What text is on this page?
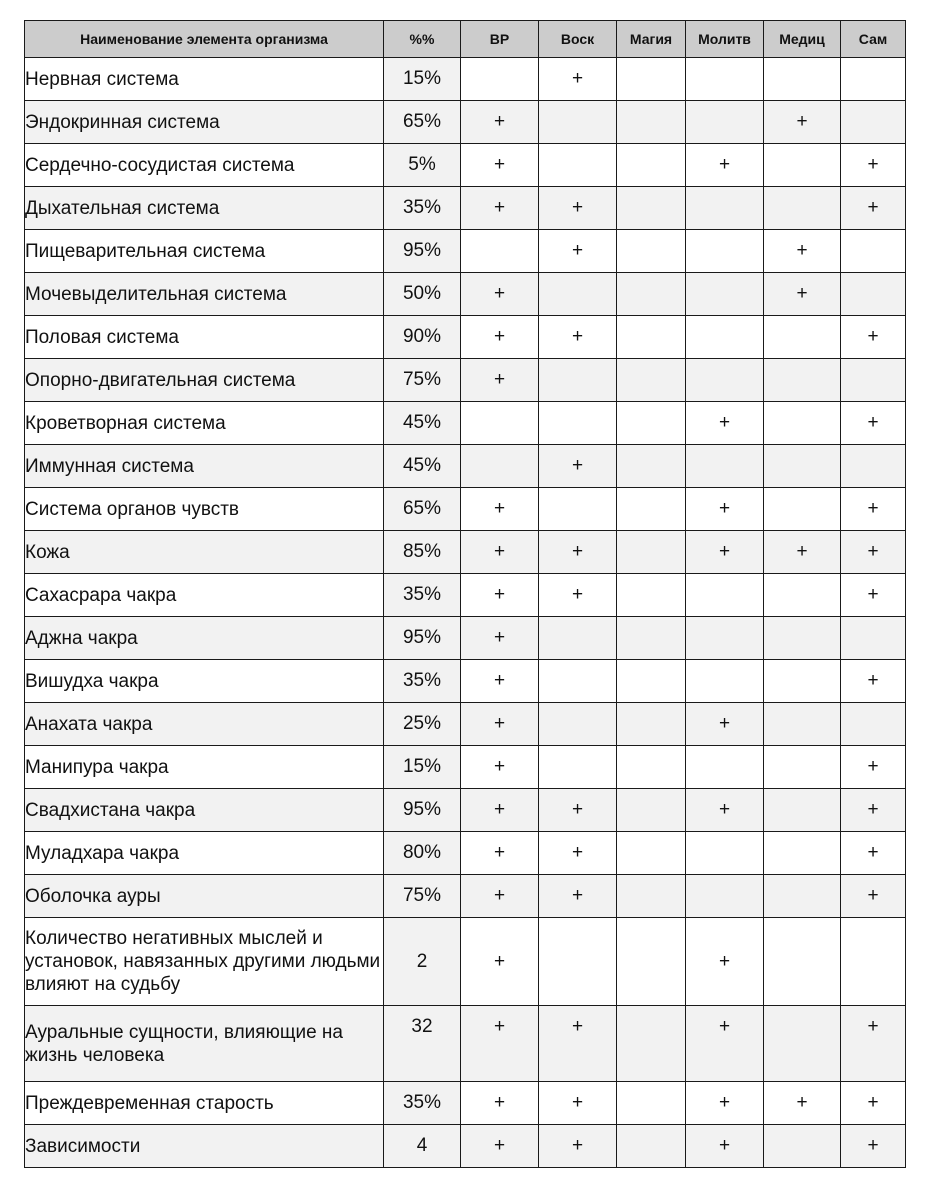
Наименование элемента организма	%%	ВР	Воск	Магия	Молитв	Медиц	Сам
Нервная система	15%		+				
Эндокринная система	65%	+				+	
Сердечно-сосудистая система	5%	+			+		+
Дыхательная система	35%	+	+				+
Пищеварительная система	95%		+			+	
Мочевыделительная система	50%	+				+	
Половая система	90%	+	+				+
Опорно-двигательная система	75%	+					
Кроветворная система	45%				+		+
Иммунная система	45%		+				
Система органов чувств	65%	+			+		+
Кожа	85%	+	+		+	+	+
Сахасрара чакра	35%	+	+				+
Аджна чакра	95%	+					
Вишудха чакра	35%	+					+
Анахата чакра	25%	+			+		
Манипура чакра	15%	+					+
Свадхистана чакра	95%	+	+		+		+
Муладхара чакра	80%	+	+				+
Оболочка ауры	75%	+	+				+
Количество негативных мыслей и установок, навязанных другими людьми влияют на судьбу	2	+			+		
Ауральные сущности, влияющие на жизнь человека	32	+	+		+		+
Преждевременная старость	35%	+	+		+	+	+
Зависимости	4	+	+		+		+
